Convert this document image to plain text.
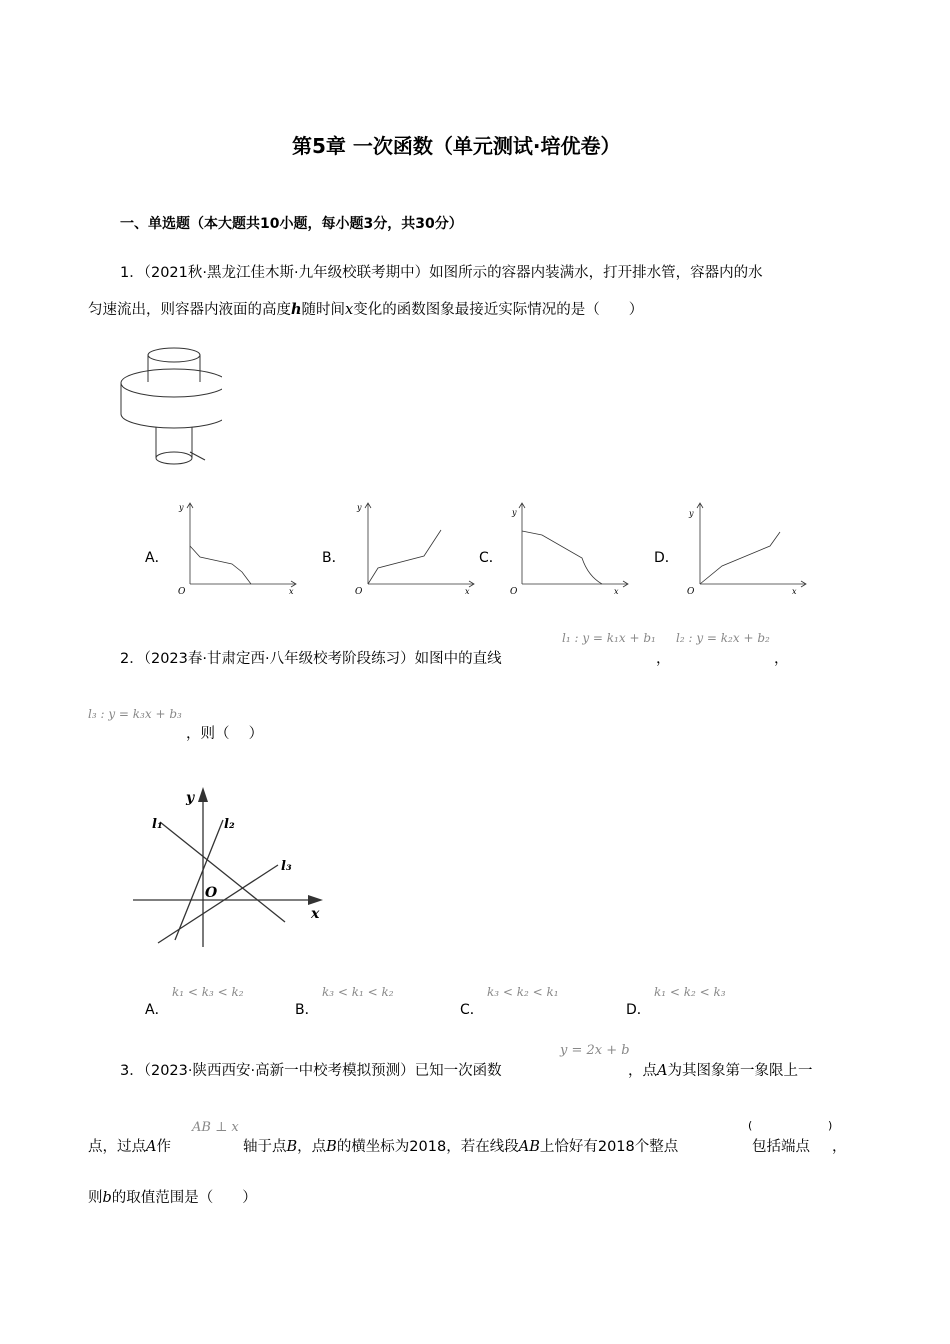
第5章 一次函数（单元测试·培优卷）
一、单选题（本大题共10小题，每小题3分，共30分）
1．（2021秋·黑龙江佳木斯·九年级校联考期中）如图所示的容器内装满水，打开排水管，容器内的水
匀速流出，则容器内液面的高度h随时间x变化的函数图象最接近实际情况的是（　　）
A．
y
x
O
B．
y
x
O
C．
y
x
O
D．
y
x
O
2．（2023春·甘肃定西·八年级校考阶段练习）如图中的直线
l₁ : y = k₁x + b₁
，
l₂ : y = k₂x + b₂
，
l₃ : y = k₃x + b₃
，则（　 ）
y
x
O
l₁	l₂
l₃
A．
k₁ < k₃ < k₂
B．
k₃ < k₁ < k₂
C．
k₃ < k₂ < k₁
D．
k₁ < k₂ < k₃
3．（2023·陕西西安·高新一中校考模拟预测）已知一次函数
y = 2x + b
，点A为其图象第一象限上一
点，过点A作
AB ⊥ x
轴于点B，点B的横坐标为2018，若在线段AB上恰好有2018个整点
(
包括端点
)
，
则b的取值范围是（　　）
